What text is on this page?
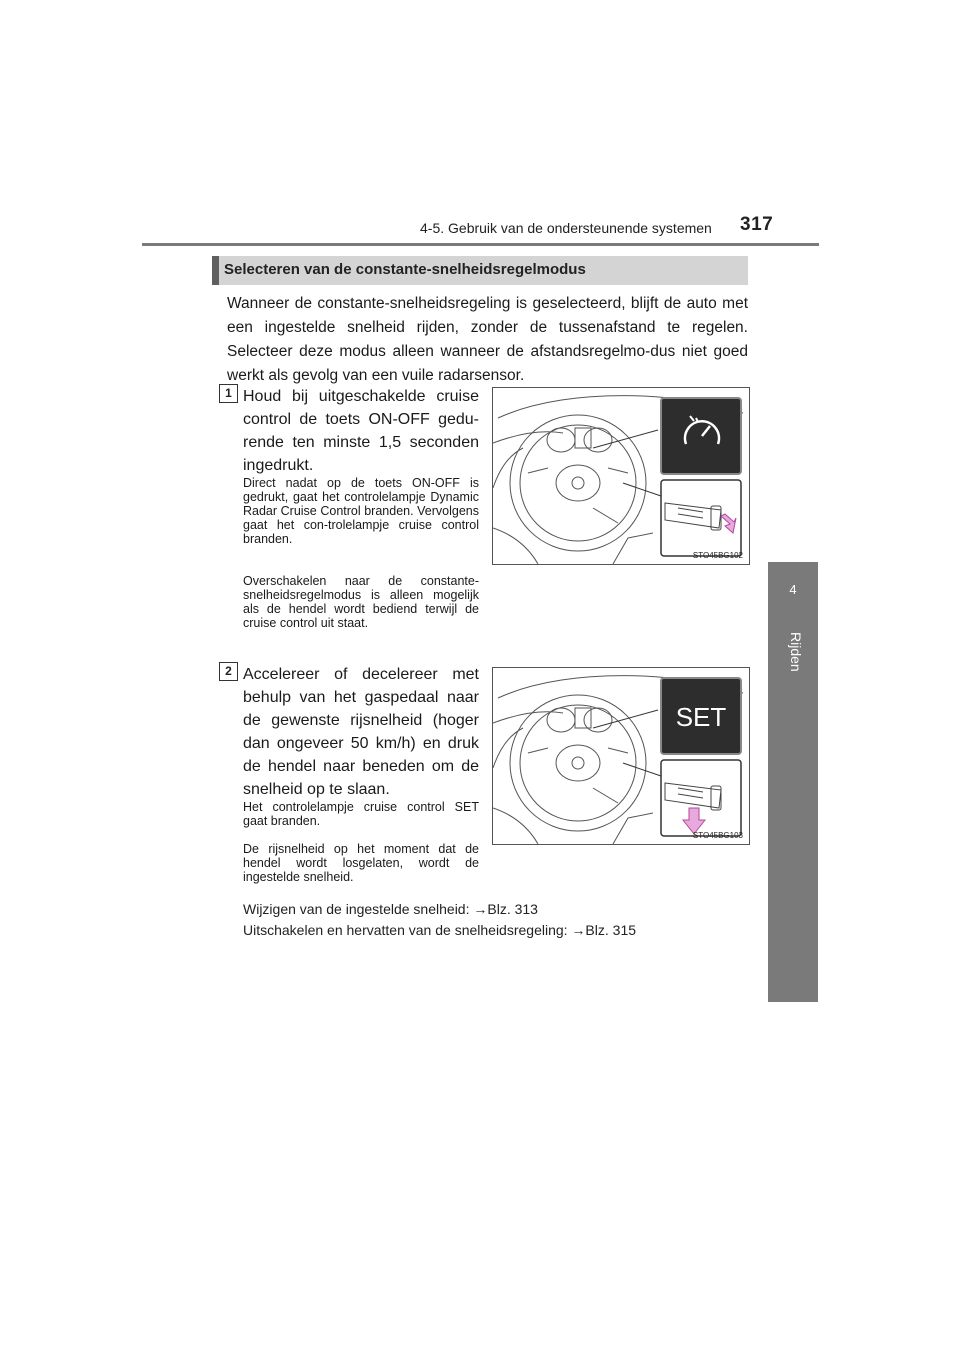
4-5. Gebruik van de ondersteunende systemen 317
4
Rijden
Selecteren van de constante-snelheidsregelmodus
Wanneer de constante-snelheidsregeling is geselecteerd, blijft de auto met een ingestelde snelheid rijden, zonder de tussenafstand te regelen. Selecteer deze modus alleen wanneer de afstandsregelmo-dus niet goed werkt als gevolg van een vuile radarsensor.
1 Houd bij uitgeschakelde cruise control de toets ON-OFF gedu-rende ten minste 1,5 seconden ingedrukt.
Direct nadat op de toets ON-OFF is gedrukt, gaat het controlelampje Dynamic Radar Cruise Control branden. Vervolgens gaat het con-trolelampje cruise control branden.
Overschakelen naar de constante-snelheidsregelmodus is alleen mogelijk als de hendel wordt bediend terwijl de cruise control uit staat.
STO45BG102
2 Accelereer of decelereer met behulp van het gaspedaal naar de gewenste rijsnelheid (hoger dan ongeveer 50 km/h) en druk de hendel naar beneden om de snelheid op te slaan.
Het controlelampje cruise control SET gaat branden.
De rijsnelheid op het moment dat de hendel wordt losgelaten, wordt de ingestelde snelheid.
SET
STO45BG103
Wijzigen van de ingestelde snelheid: →Blz. 313
Uitschakelen en hervatten van de snelheidsregeling: →Blz. 315
